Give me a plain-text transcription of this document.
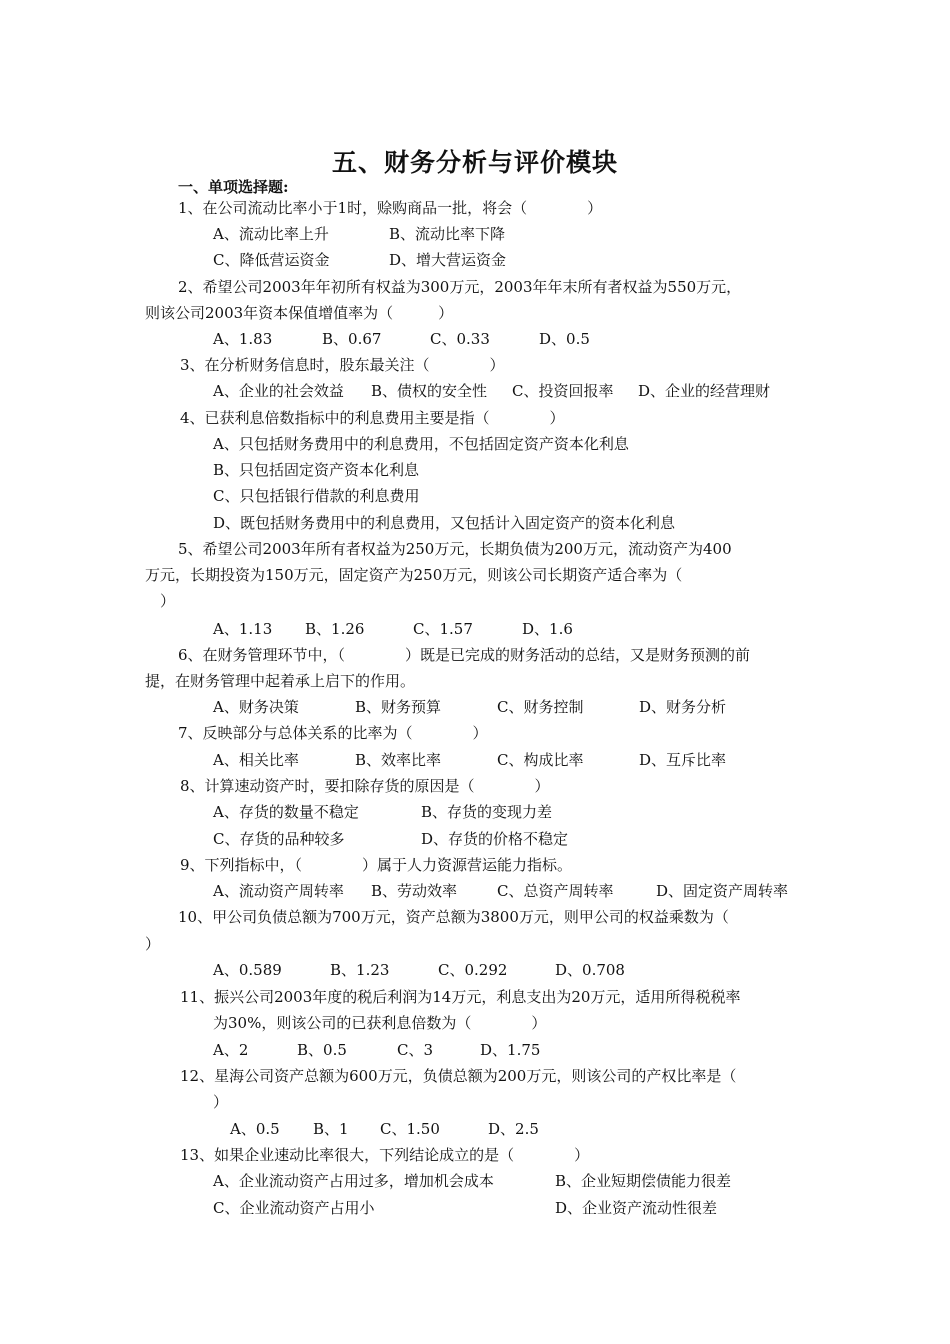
五、财务分析与评价模块
一、单项选择题:
1、在公司流动比率小于1时，赊购商品一批，将会（　　　　）
A、流动比率上升	B、流动比率下降
C、降低营运资金	D、增大营运资金
2、希望公司2003年年初所有权益为300万元，2003年年末所有者权益为550万元，
则该公司2003年资本保值增值率为（　　　）
A、1.83	B、0.67	C、0.33	D、0.5
3、在分析财务信息时，股东最关注（　　　　）
A、企业的社会效益 B、债权的安全性 C、投资回报率 D、企业的经营理财
4、已获利息倍数指标中的利息费用主要是指（　　　　）
A、只包括财务费用中的利息费用，不包括固定资产资本化利息
B、只包括固定资产资本化利息
C、只包括银行借款的利息费用
D、既包括财务费用中的利息费用，又包括计入固定资产的资本化利息
5、希望公司2003年所有者权益为250万元，长期负债为200万元，流动资产为400
万元，长期投资为150万元，固定资产为250万元，则该公司长期资产适合率为（
）
A、1.13 B、1.26	C、1.57	D、1.6
6、在财务管理环节中，（　　　　）既是已完成的财务活动的总结，又是财务预测的前
提，在财务管理中起着承上启下的作用。
A、财务决策	B、财务预算	C、财务控制	D、财务分析
7、反映部分与总体关系的比率为（　　　　）
A、相关比率	B、效率比率	C、构成比率	D、互斥比率
8、计算速动资产时，要扣除存货的原因是（　　　　）
A、存货的数量不稳定	B、存货的变现力差
C、存货的品种较多	D、存货的价格不稳定
9、下列指标中，（　　　　）属于人力资源营运能力指标。
A、流动资产周转率 B、劳动效率	C、总资产周转率	D、固定资产周转率
10、甲公司负债总额为700万元，资产总额为3800万元，则甲公司的权益乘数为（
）
A、0.589	B、1.23	C、0.292	D、0.708
11、振兴公司2003年度的税后利润为14万元，利息支出为20万元，适用所得税税率
为30%，则该公司的已获利息倍数为（　　　　）
A、2	B、0.5	C、3	D、1.75
12、星海公司资产总额为600万元，负债总额为200万元，则该公司的产权比率是（
）
A、0.5 B、1 C、1.50	D、2.5
13、如果企业速动比率很大，下列结论成立的是（　　　　）
A、企业流动资产占用过多，增加机会成本	B、企业短期偿债能力很差
C、企业流动资产占用小	D、企业资产流动性很差
